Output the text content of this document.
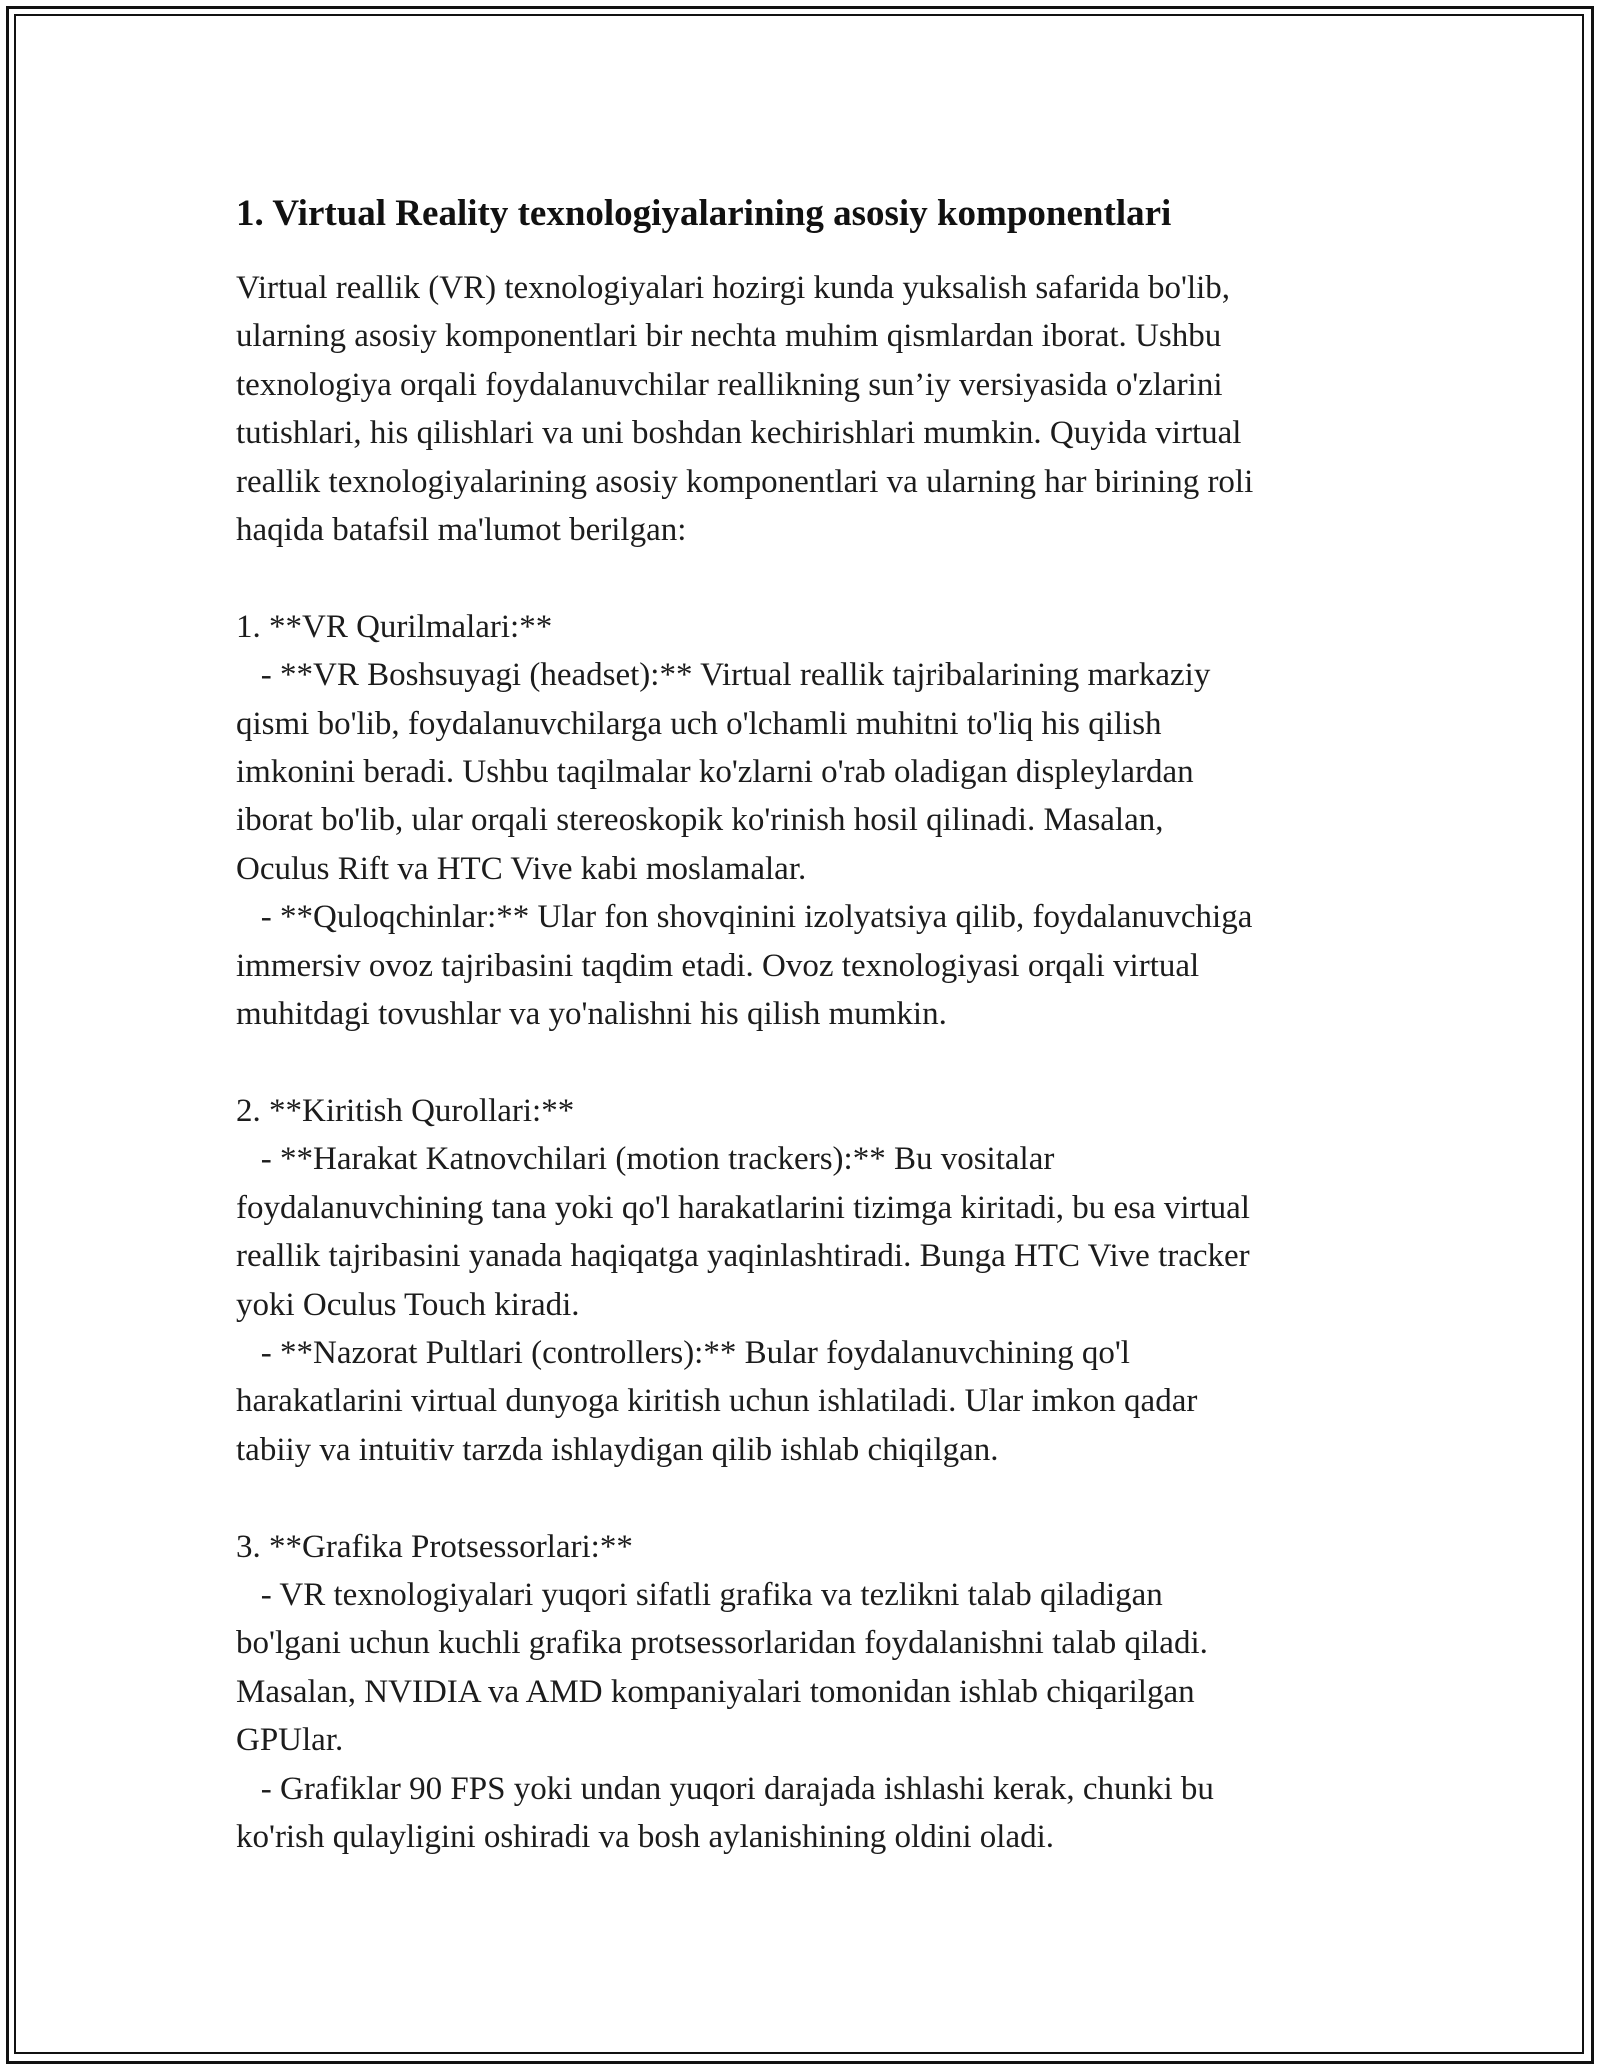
1. Virtual Reality texnologiyalarining asosiy komponentlari

Virtual reallik (VR) texnologiyalari hozirgi kunda yuksalish safarida bo'lib,
ularning asosiy komponentlari bir nechta muhim qismlardan iborat. Ushbu
texnologiya orqali foydalanuvchilar reallikning sun’iy versiyasida o'zlarini
tutishlari, his qilishlari va uni boshdan kechirishlari mumkin. Quyida virtual
reallik texnologiyalarining asosiy komponentlari va ularning har birining roli
haqida batafsil ma'lumot berilgan:

1. **VR Qurilmalari:**
- **VR Boshsuyagi (headset):** Virtual reallik tajribalarining markaziy
qismi bo'lib, foydalanuvchilarga uch o'lchamli muhitni to'liq his qilish
imkonini beradi. Ushbu taqilmalar ko'zlarni o'rab oladigan displeylardan
iborat bo'lib, ular orqali stereoskopik ko'rinish hosil qilinadi. Masalan,
Oculus Rift va HTC Vive kabi moslamalar.
- **Quloqchinlar:** Ular fon shovqinini izolyatsiya qilib, foydalanuvchiga
immersiv ovoz tajribasini taqdim etadi. Ovoz texnologiyasi orqali virtual
muhitdagi tovushlar va yo'nalishni his qilish mumkin.

2. **Kiritish Qurollari:**
- **Harakat Katnovchilari (motion trackers):** Bu vositalar
foydalanuvchining tana yoki qo'l harakatlarini tizimga kiritadi, bu esa virtual
reallik tajribasini yanada haqiqatga yaqinlashtiradi. Bunga HTC Vive tracker
yoki Oculus Touch kiradi.
- **Nazorat Pultlari (controllers):** Bular foydalanuvchining qo'l
harakatlarini virtual dunyoga kiritish uchun ishlatiladi. Ular imkon qadar
tabiiy va intuitiv tarzda ishlaydigan qilib ishlab chiqilgan.

3. **Grafika Protsessorlari:**
- VR texnologiyalari yuqori sifatli grafika va tezlikni talab qiladigan
bo'lgani uchun kuchli grafika protsessorlaridan foydalanishni talab qiladi.
Masalan, NVIDIA va AMD kompaniyalari tomonidan ishlab chiqarilgan
GPUlar.
- Grafiklar 90 FPS yoki undan yuqori darajada ishlashi kerak, chunki bu
ko'rish qulayligini oshiradi va bosh aylanishining oldini oladi.
